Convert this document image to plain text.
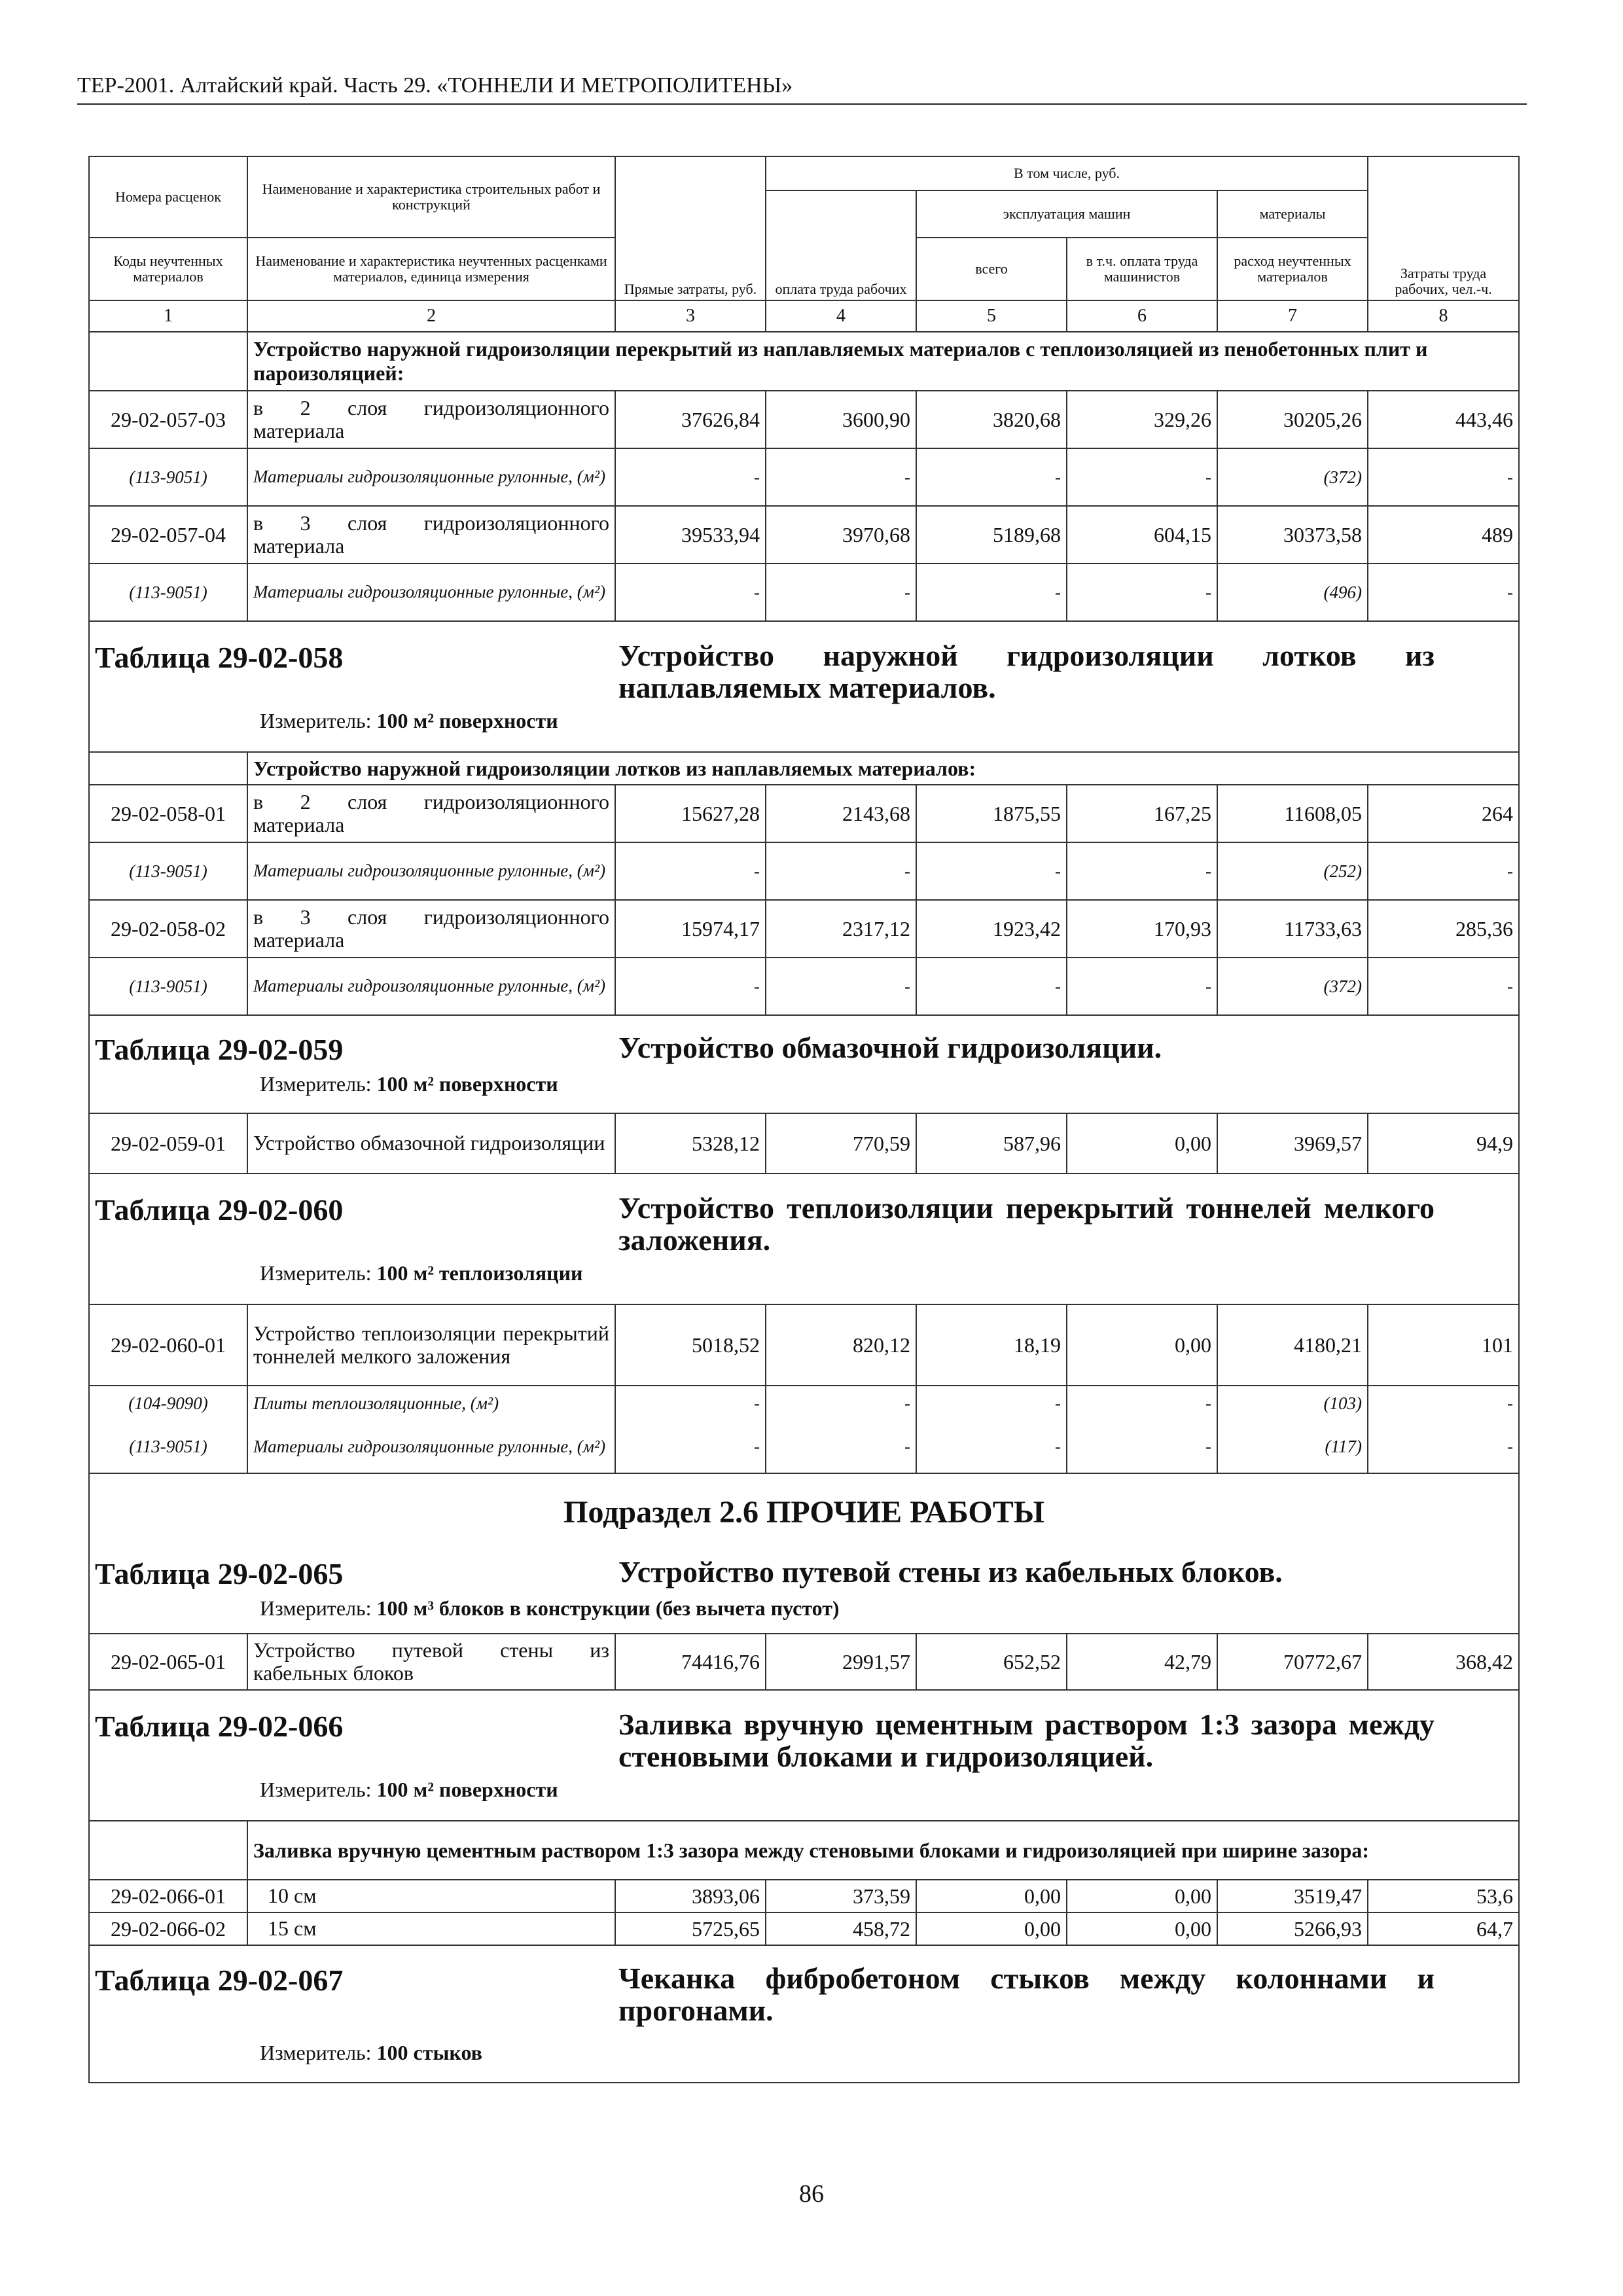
ТЕР-2001. Алтайский край. Часть 29. «ТОННЕЛИ И МЕТРОПОЛИТЕНЫ»
Номера расценок	Наименование и характеристика строительных работ и конструкций	Прямые затраты, руб.	В том числе, руб.				Затраты труда рабочих, чел.-ч.
			оплата труда рабочих	эксплуатация машин		материалы	
Коды неучтенных материалов	Наименование и характеристика неучтенных расценками материалов, единица измерения			всего	в т.ч. оплата труда машинистов	расход неучтенных материалов	
1	2	3	4	5	6	7	8
	Устройство наружной гидроизоляции перекрытий из наплавляемых материалов с теплоизоляцией из пенобетонных плит и пароизоляцией:						
29-02-057-03	в 2 слоя гидроизоляционного материала	37626,84	3600,90	3820,68	329,26	30205,26	443,46
(113-9051)	Материалы гидроизоляционные рулонные, (м²)	-	-	-	-	(372)	-
29-02-057-04	в 3 слоя гидроизоляционного материала	39533,94	3970,68	5189,68	604,15	30373,58	489
(113-9051)	Материалы гидроизоляционные рулонные, (м²)	-	-	-	-	(496)	-

Таблица 29-02-058 Устройство наружной гидроизоляции лотков из наплавляемых материалов.
Измеритель: 100 м² поверхности							

	Устройство наружной гидроизоляции лотков из наплавляемых материалов:						
29-02-058-01	в 2 слоя гидроизоляционного материала	15627,28	2143,68	1875,55	167,25	11608,05	264
(113-9051)	Материалы гидроизоляционные рулонные, (м²)	-	-	-	-	(252)	-
29-02-058-02	в 3 слоя гидроизоляционного материала	15974,17	2317,12	1923,42	170,93	11733,63	285,36
(113-9051)	Материалы гидроизоляционные рулонные, (м²)	-	-	-	-	(372)	-

Таблица 29-02-059 Устройство обмазочной гидроизоляции.
Измеритель: 100 м² поверхности							

29-02-059-01	Устройство обмазочной гидроизоляции	5328,12	770,59	587,96	0,00	3969,57	94,9

Таблица 29-02-060 Устройство теплоизоляции перекрытий тоннелей мелкого заложения.
Измеритель: 100 м² теплоизоляции							

29-02-060-01	Устройство теплоизоляции перекрытий тоннелей мелкого заложения	5018,52	820,12	18,19	0,00	4180,21	101
(104-9090)	Плиты теплоизоляционные, (м²)	-	-	-	-	(103)	-
(113-9051)	Материалы гидроизоляционные рулонные, (м²)	-	-	-	-	(117)	-

Подраздел 2.6 ПРОЧИЕ РАБОТЫ
Таблица 29-02-065 Устройство путевой стены из кабельных блоков.
Измеритель: 100 м³ блоков в конструкции (без вычета пустот)							

29-02-065-01	Устройство путевой стены из кабельных блоков	74416,76	2991,57	652,52	42,79	70772,67	368,42

Таблица 29-02-066 Заливка вручную цементным раствором 1:3 зазора между стеновыми блоками и гидроизоляцией.
Измеритель: 100 м² поверхности							

	Заливка вручную цементным раствором 1:3 зазора между стеновыми блоками и гидроизоляцией при ширине зазора:						
29-02-066-01	10 см	3893,06	373,59	0,00	0,00	3519,47	53,6
29-02-066-02	15 см	5725,65	458,72	0,00	0,00	5266,93	64,7

Таблица 29-02-067 Чеканка фибробетоном стыков между колоннами и прогонами.
Измеритель: 100 стыков							
86
